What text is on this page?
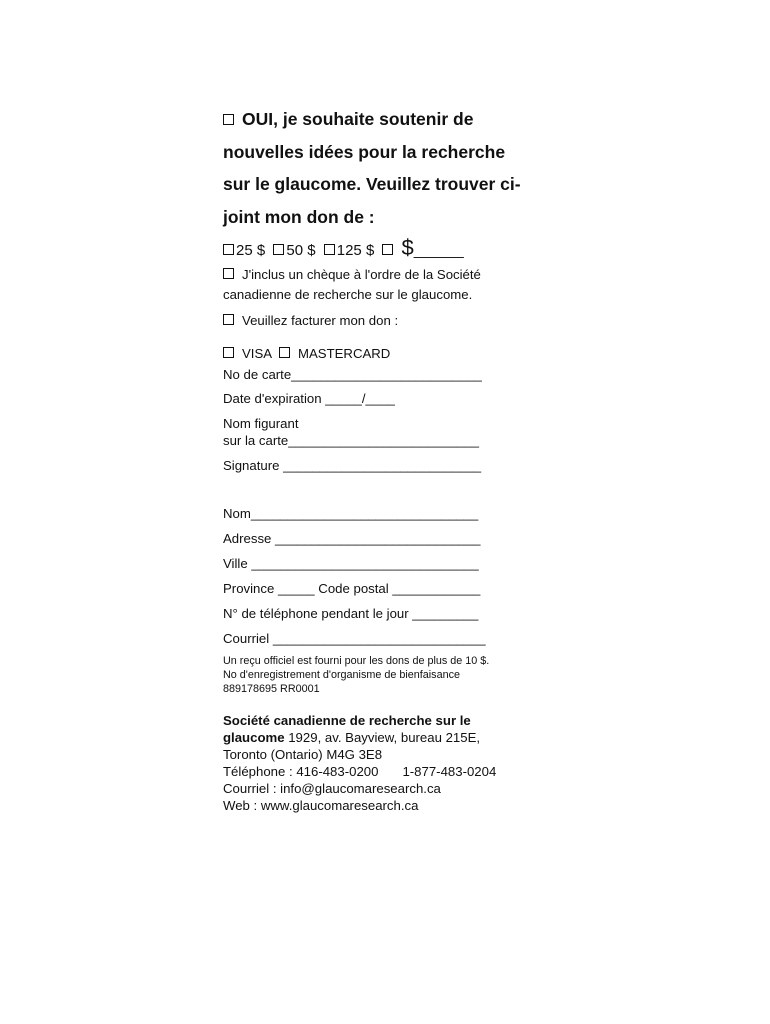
OUI, je souhaite soutenir de
nouvelles idées pour la recherche
sur le glaucome. Veuillez trouver ci-
joint mon don de :
25 $ 50 $ 125 $ $______
J'inclus un chèque à l'ordre de la Société
canadienne de recherche sur le glaucome.
Veuillez facturer mon don :
VISA MASTERCARD
No de carte__________________________
Date d'expiration _____/____
Nom figurant
sur la carte__________________________
Signature ___________________________
Nom_______________________________
Adresse ____________________________
Ville _______________________________
Province _____ Code postal ____________
N° de téléphone pendant le jour _________
Courriel _____________________________
Un reçu officiel est fourni pour les dons de plus de 10 $.
No d'enregistrement d'organisme de bienfaisance
889178695 RR0001
Société canadienne de recherche sur le
glaucome 1929, av. Bayview, bureau 215E,
Toronto (Ontario) M4G 3E8
Téléphone : 416-483-0200 1-877-483-0204
Courriel : info@glaucomaresearch.ca
Web : www.glaucomaresearch.ca
